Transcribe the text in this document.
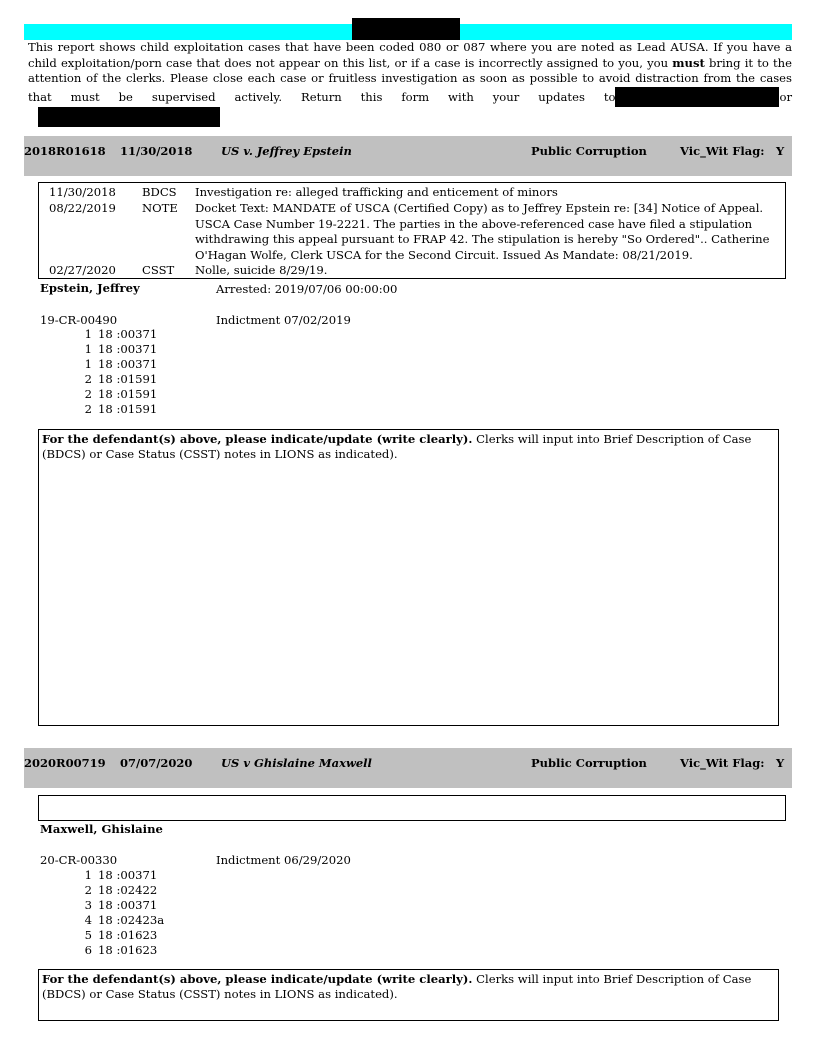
This report shows child exploitation cases that have been coded 080 or 087 where you are noted as Lead AUSA. If you have a child exploitation/porn case that does not appear on this list, or if a case is incorrectly assigned to you, you must bring it to the attention of the clerks. Please close each case or fruitless investigation as soon as possible to avoid distraction from the cases that must be supervised actively. Return this form with your updates to	or

2018R01618 11/30/2018 US v. Jeffrey Epstein	Public Corruption	Vic_Wit Flag: Y
11/30/2018 BDCS Investigation re: alleged trafficking and enticement of minors
08/22/2019 NOTE Docket Text: MANDATE of USCA (Certified Copy) as to Jeffrey Epstein re: [34] Notice of Appeal. USCA Case Number 19-2221. The parties in the above-referenced case have filed a stipulation withdrawing this appeal pursuant to FRAP 42. The stipulation is hereby "So Ordered".. Catherine O'Hagan Wolfe, Clerk USCA for the Second Circuit. Issued As Mandate: 08/21/2019.
02/27/2020 CSST Nolle, suicide 8/29/19.
Epstein, Jeffrey	Arrested: 2019/07/06 00:00:00
19-CR-00490	Indictment 07/02/2019
1 18 :00371
1 18 :00371
1 18 :00371
2 18 :01591
2 18 :01591
2 18 :01591

For the defendant(s) above, please indicate/update (write clearly). Clerks will input into Brief Description of Case (BDCS) or Case Status (CSST) notes in LIONS as indicated).

2020R00719 07/07/2020 US v Ghislaine Maxwell	Public Corruption	Vic_Wit Flag: Y
Maxwell, Ghislaine
20-CR-00330	Indictment 06/29/2020
1 18 :00371
2 18 :02422
3 18 :00371
4 18 :02423a
5 18 :01623
6 18 :01623

For the defendant(s) above, please indicate/update (write clearly). Clerks will input into Brief Description of Case (BDCS) or Case Status (CSST) notes in LIONS as indicated).
